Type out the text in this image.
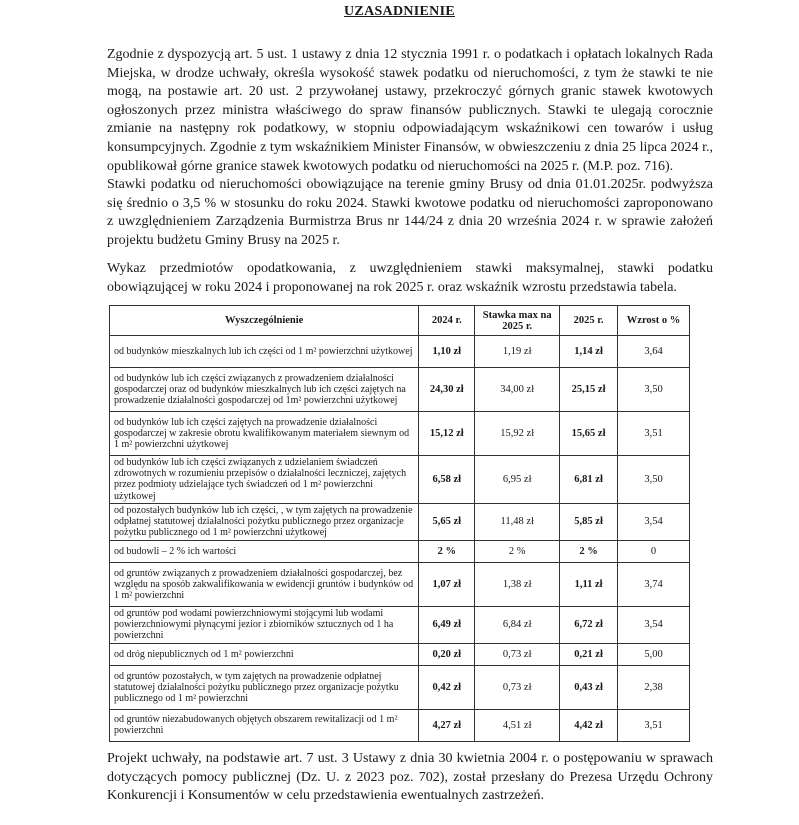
UZASADNIENIE

Zgodnie z dyspozycją art. 5 ust. 1 ustawy z dnia 12 stycznia 1991 r. o podatkach i opłatach lokalnych Rada Miejska, w drodze uchwały, określa wysokość stawek podatku od nieruchomości, z tym że stawki te nie mogą, na postawie art. 20 ust. 2 przywołanej ustawy, przekroczyć górnych granic stawek kwotowych ogłoszonych przez ministra właściwego do spraw finansów publicznych. Stawki te ulegają corocznie zmianie na następny rok podatkowy, w stopniu odpowiadającym wskaźnikowi cen towarów i usług konsumpcyjnych. Zgodnie z tym wskaźnikiem Minister Finansów, w obwieszczeniu z dnia 25 lipca 2024 r., opublikował górne granice stawek kwotowych podatku od nieruchomości na 2025 r. (M.P. poz. 716).

Stawki podatku od nieruchomości obowiązujące na terenie gminy Brusy od dnia 01.01.2025r. podwyższa się średnio o 3,5 % w stosunku do roku 2024. Stawki kwotowe podatku od nieruchomości zaproponowano z uwzględnieniem Zarządzenia Burmistrza Brus nr 144/24 z dnia 20 września 2024 r. w sprawie założeń projektu budżetu Gminy Brusy na 2025 r.

Wykaz przedmiotów opodatkowania, z uwzględnieniem stawki maksymalnej, stawki podatku obowiązującej w roku 2024 i proponowanej na rok 2025 r. oraz wskaźnik wzrostu przedstawia tabela.

Wyszczególnienie	2024 r.	Stawka max na 2025 r.	2025 r.	Wzrost o %
od budynków mieszkalnych lub ich części od 1 m² powierzchni użytkowej	1,10 zł	1,19 zł	1,14 zł	3,64
od budynków lub ich części związanych z prowadzeniem działalności gospodarczej oraz od budynków mieszkalnych lub ich części zajętych na prowadzenie działalności gospodarczej od 1m² powierzchni użytkowej	24,30 zł	34,00 zł	25,15 zł	3,50
od budynków lub ich części zajętych na prowadzenie działalności gospodarczej w zakresie obrotu kwalifikowanym materiałem siewnym od 1 m² powierzchni użytkowej	15,12 zł	15,92 zł	15,65 zł	3,51
od budynków lub ich części związanych z udzielaniem świadczeń zdrowotnych w rozumieniu przepisów o działalności leczniczej, zajętych przez podmioty udzielające tych świadczeń od 1 m² powierzchni użytkowej	6,58 zł	6,95 zł	6,81 zł	3,50
od pozostałych budynków lub ich części, , w tym zajętych na prowadzenie odpłatnej statutowej działalności pożytku publicznego przez organizacje pożytku publicznego od 1 m² powierzchni użytkowej	5,65 zł	11,48 zł	5,85 zł	3,54
od budowli – 2 % ich wartości	2 %	2 %	2 %	0
od gruntów związanych z prowadzeniem działalności gospodarczej, bez względu na sposób zakwalifikowania w ewidencji gruntów i budynków od 1 m² powierzchni	1,07 zł	1,38 zł	1,11 zł	3,74
od gruntów pod wodami powierzchniowymi stojącymi lub wodami powierzchniowymi płynącymi jezior i zbiorników sztucznych od 1 ha powierzchni	6,49 zł	6,84 zł	6,72 zł	3,54
od dróg niepublicznych od 1 m² powierzchni	0,20 zł	0,73 zł	0,21 zł	5,00
od gruntów pozostałych, w tym zajętych na prowadzenie odpłatnej statutowej działalności pożytku publicznego przez organizacje pożytku publicznego od 1 m² powierzchni	0,42 zł	0,73 zł	0,43 zł	2,38
od gruntów niezabudowanych objętych obszarem rewitalizacji od 1 m² powierzchni	4,27 zł	4,51 zł	4,42 zł	3,51

Projekt uchwały, na podstawie art. 7 ust. 3 Ustawy z dnia 30 kwietnia 2004 r. o postępowaniu w sprawach dotyczących pomocy publicznej (Dz. U. z 2023 poz. 702), został przesłany do Prezesa Urzędu Ochrony Konkurencji i Konsumentów w celu przedstawienia ewentualnych zastrzeżeń.
